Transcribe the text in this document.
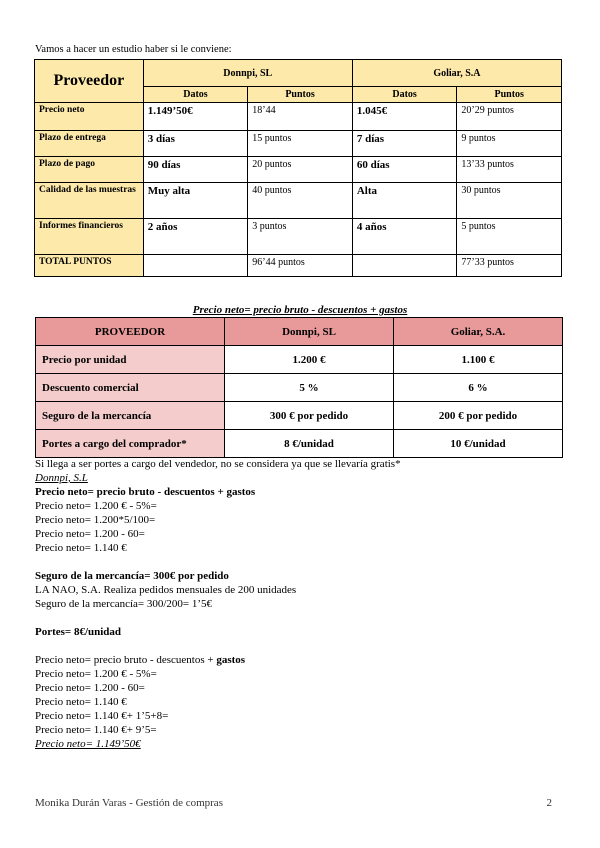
Vamos a hacer un estudio haber si le conviene:
Proveedor	Donnpi, SL		Goliar, S.A	
	Datos	Puntos	Datos	Puntos
Precio neto	1.149’50€	18’44	1.045€	20’29 puntos
Plazo de entrega	3 días	15 puntos	7 días	9 puntos
Plazo de pago	90 días	20 puntos	60 días	13’33 puntos
Calidad de las muestras	Muy alta	40 puntos	Alta	30 puntos
Informes financieros	2 años	3 puntos	4 años	5 puntos
TOTAL PUNTOS		96’44 puntos		77’33 puntos
Precio neto= precio bruto - descuentos + gastos
PROVEEDOR	Donnpi, SL	Goliar, S.A.
Precio por unidad	1.200 €	1.100 €
Descuento comercial	5 %	6 %
Seguro de la mercancía	300 € por pedido	200 € por pedido
Portes a cargo del comprador*	8 €/unidad	10 €/unidad

Si llega a ser portes a cargo del vendedor, no se considera ya que se llevaría gratis*

Donnpi, S.L

Precio neto= precio bruto - descuentos + gastos

Precio neto= 1.200 € - 5%=

Precio neto= 1.200*5/100=

Precio neto= 1.200 - 60=

Precio neto= 1.140 €

Seguro de la mercancía= 300€ por pedido

LA NAO, S.A. Realiza pedidos mensuales de 200 unidades

Seguro de la mercancía= 300/200= 1’5€

Portes= 8€/unidad

Precio neto= precio bruto - descuentos + gastos

Precio neto= 1.200 € - 5%=

Precio neto= 1.200 - 60=

Precio neto= 1.140 €

Precio neto= 1.140 €+ 1’5+8=

Precio neto= 1.140 €+ 9’5=

Precio neto= 1.149’50€

Monika Durán Varas - Gestión de compras	2
